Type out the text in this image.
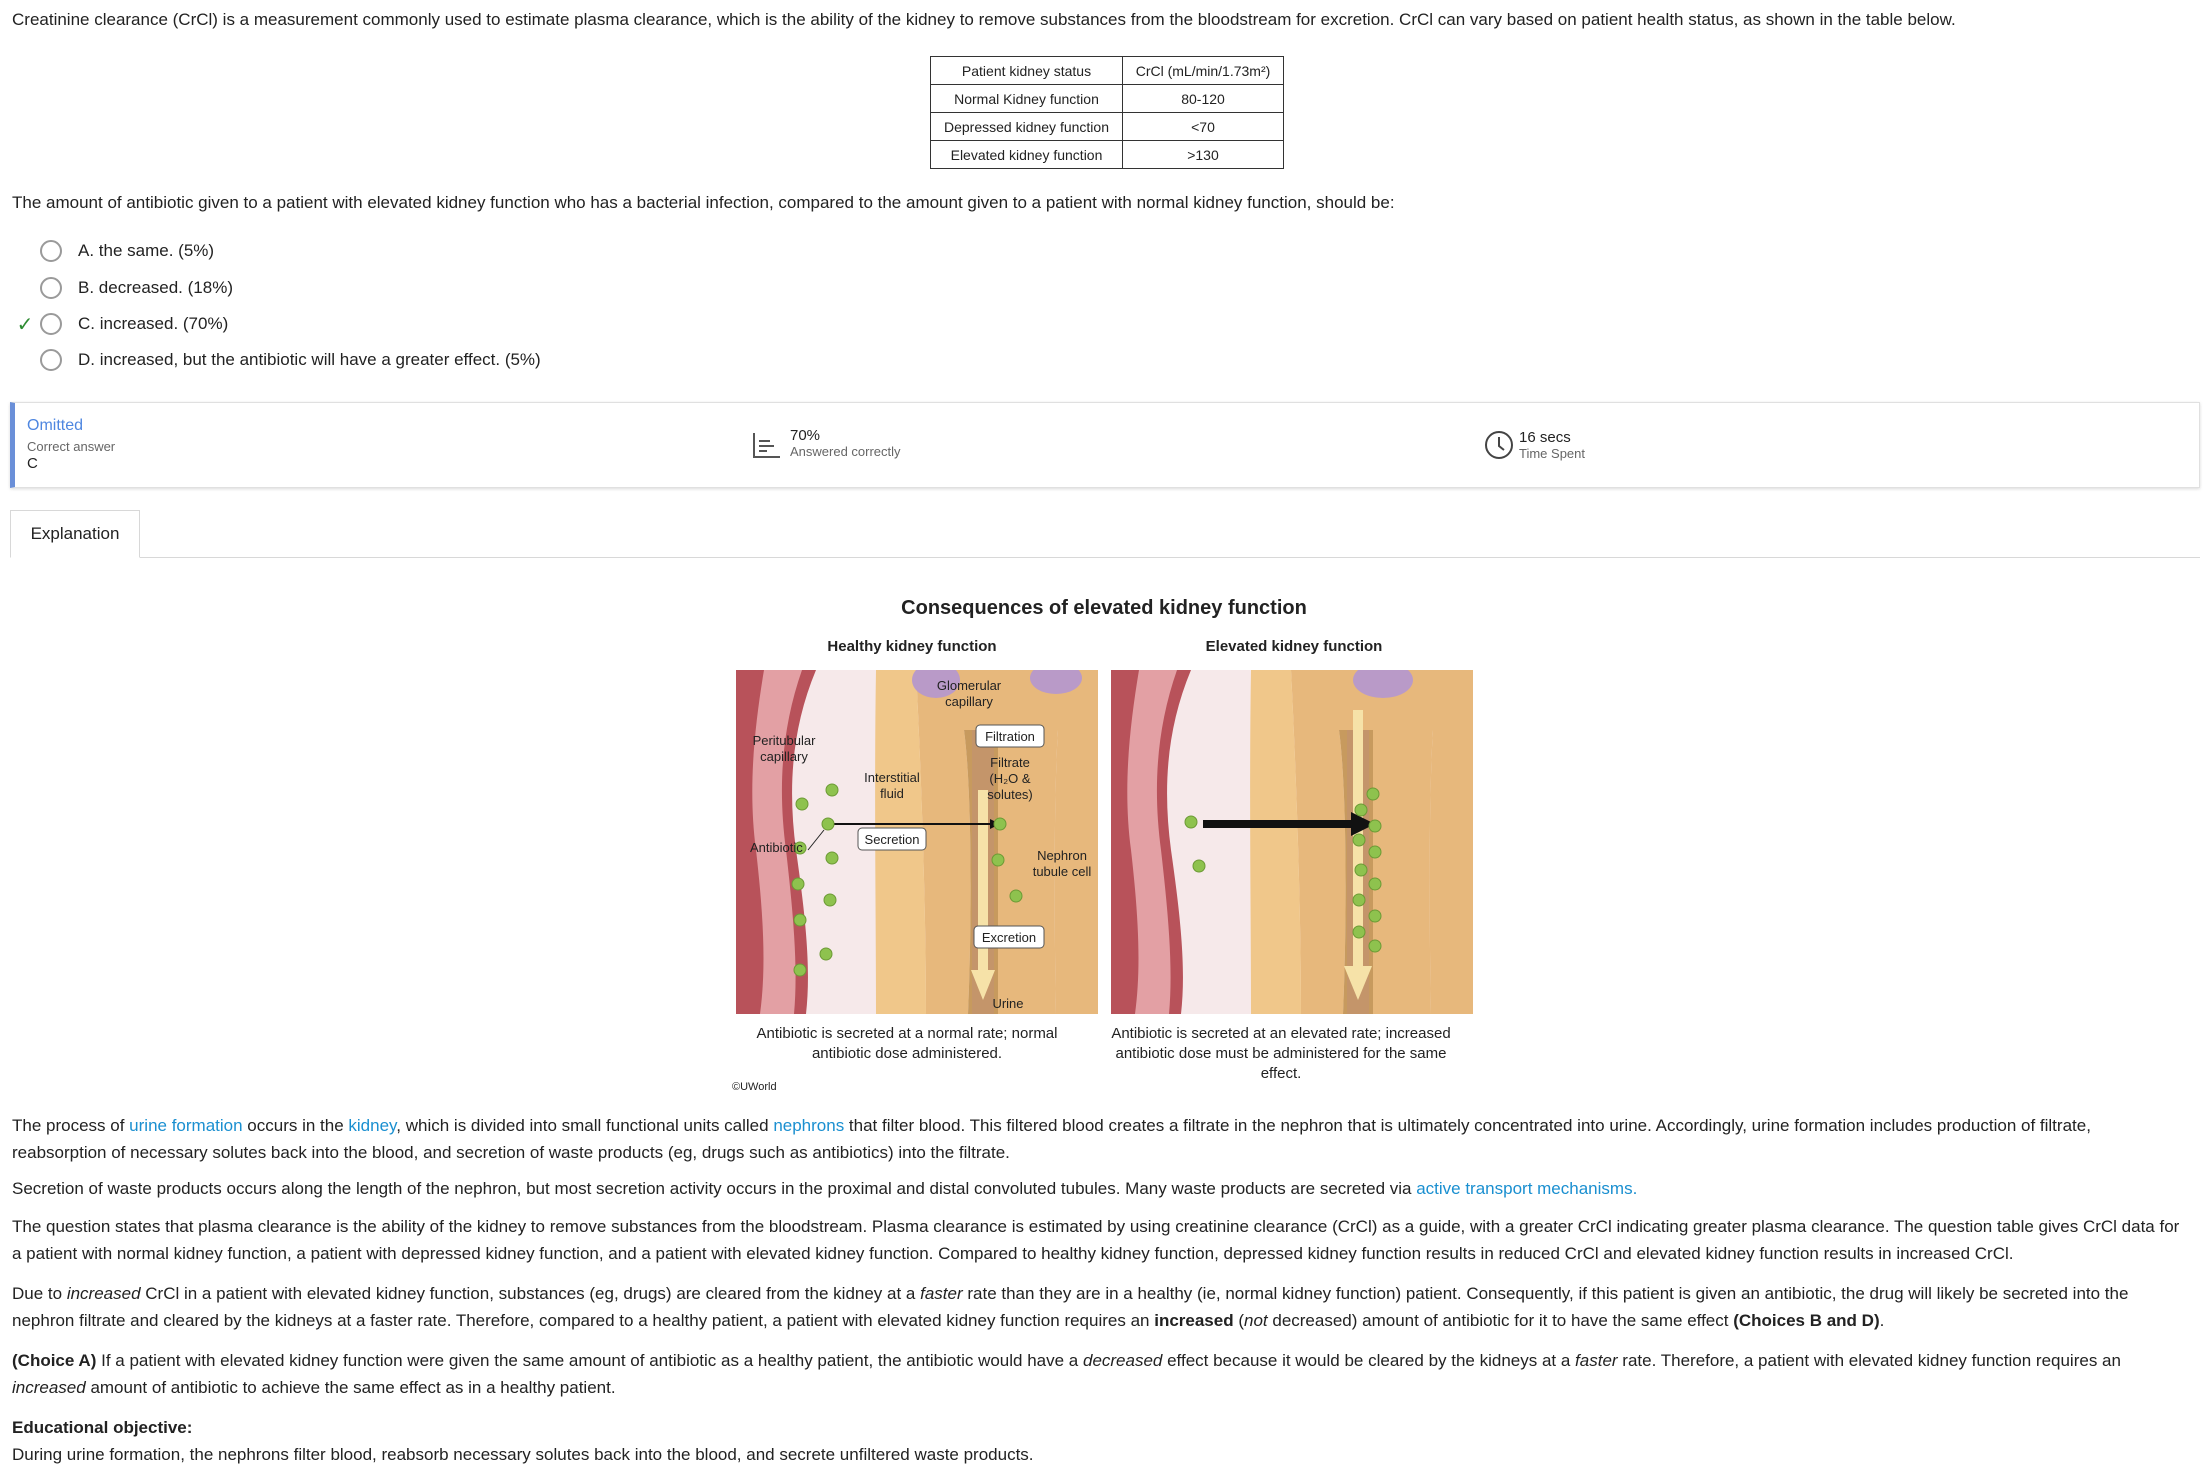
Creatinine clearance (CrCl) is a measurement commonly used to estimate plasma clearance, which is the ability of the kidney to remove substances from the bloodstream for excretion. CrCl can vary based on patient health status, as shown in the table below.
Patient kidney status	CrCl (mL/min/1.73m²)
Normal Kidney function	80-120
Depressed kidney function	<70
Elevated kidney function	>130
The amount of antibiotic given to a patient with elevated kidney function who has a bacterial infection, compared to the amount given to a patient with normal kidney function, should be:
A. the same. (5%)
B. decreased. (18%)
✓	C. increased. (70%)
D. increased, but the antibiotic will have a greater effect. (5%)
Omitted
Correct answer
C
70%
Answered correctly
16 secs
Time Spent
Explanation
Consequences of elevated kidney function
Healthy kidney function	Elevated kidney function
Glomerular capillary
Filtration
Filtrate (H₂O & solutes)
Peritubular capillary
Interstitial fluid
Antibiotic
Secretion
Nephron tubule cell
Excretion
Urine
Antibiotic is secreted at a normal rate; normal antibiotic dose administered.
Antibiotic is secreted at an elevated rate; increased antibiotic dose must be administered for the same effect.
©UWorld
The process of urine formation occurs in the kidney, which is divided into small functional units called nephrons that filter blood. This filtered blood creates a filtrate in the nephron that is ultimately concentrated into urine. Accordingly, urine formation includes production of filtrate, reabsorption of necessary solutes back into the blood, and secretion of waste products (eg, drugs such as antibiotics) into the filtrate.
Secretion of waste products occurs along the length of the nephron, but most secretion activity occurs in the proximal and distal convoluted tubules. Many waste products are secreted via active transport mechanisms.
The question states that plasma clearance is the ability of the kidney to remove substances from the bloodstream. Plasma clearance is estimated by using creatinine clearance (CrCl) as a guide, with a greater CrCl indicating greater plasma clearance. The question table gives CrCl data for a patient with normal kidney function, a patient with depressed kidney function, and a patient with elevated kidney function. Compared to healthy kidney function, depressed kidney function results in reduced CrCl and elevated kidney function results in increased CrCl.
Due to increased CrCl in a patient with elevated kidney function, substances (eg, drugs) are cleared from the kidney at a faster rate than they are in a healthy (ie, normal kidney function) patient. Consequently, if this patient is given an antibiotic, the drug will likely be secreted into the nephron filtrate and cleared by the kidneys at a faster rate. Therefore, compared to a healthy patient, a patient with elevated kidney function requires an increased (not decreased) amount of antibiotic for it to have the same effect (Choices B and D).
(Choice A) If a patient with elevated kidney function were given the same amount of antibiotic as a healthy patient, the antibiotic would have a decreased effect because it would be cleared by the kidneys at a faster rate. Therefore, a patient with elevated kidney function requires an increased amount of antibiotic to achieve the same effect as in a healthy patient.
Educational objective:
During urine formation, the nephrons filter blood, reabsorb necessary solutes back into the blood, and secrete unfiltered waste products.
